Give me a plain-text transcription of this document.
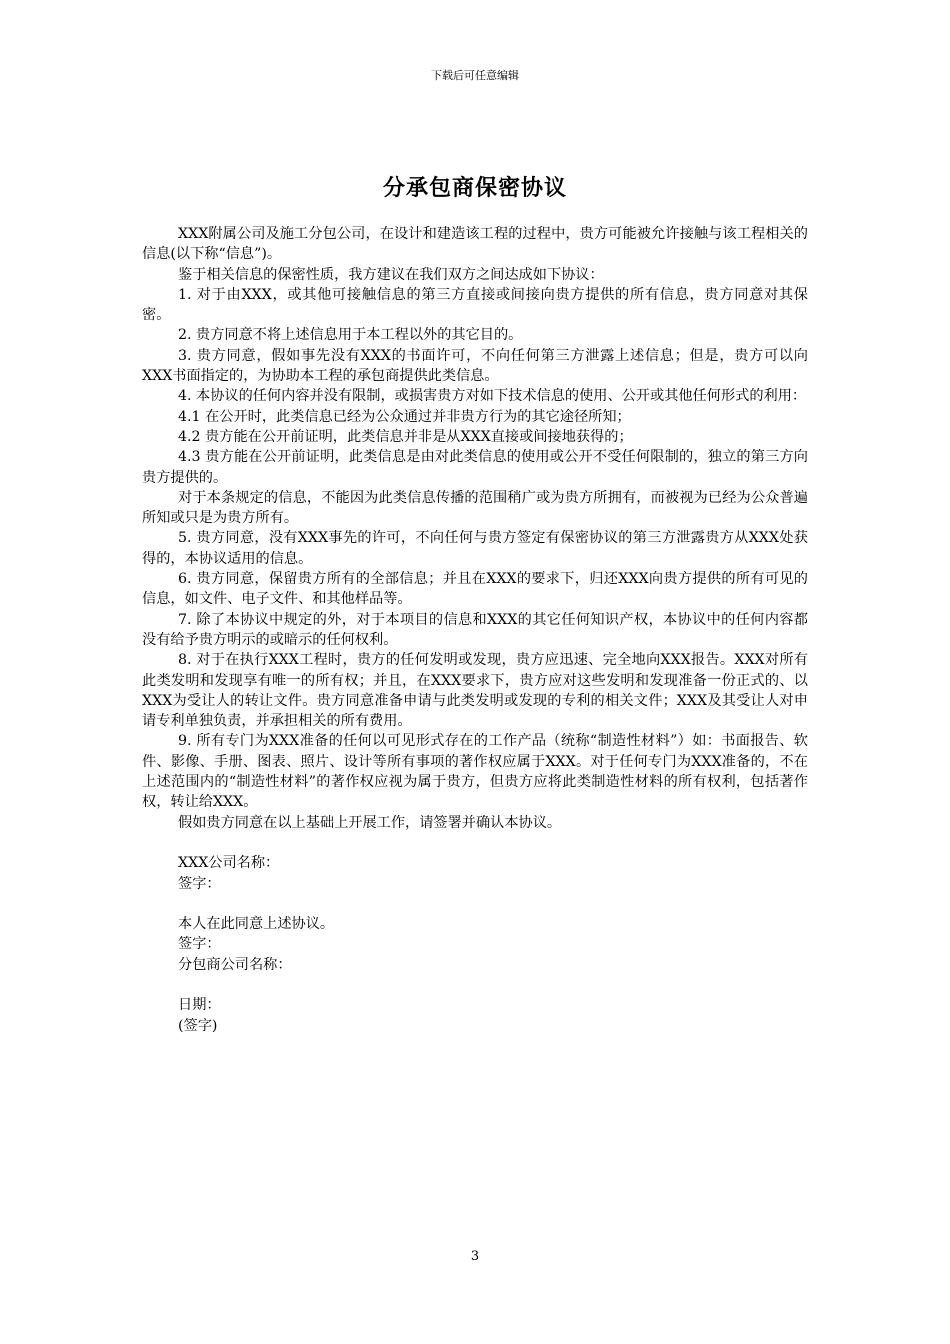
下载后可任意编辑
分承包商保密协议

XXX附属公司及施工分包公司，在设计和建造该工程的过程中，贵方可能被允许接触与该工程相关的信息(以下称“信息”)。

鉴于相关信息的保密性质，我方建议在我们双方之间达成如下协议：

1. 对于由XXX，或其他可接触信息的第三方直接或间接向贵方提供的所有信息，贵方同意对其保密。

2. 贵方同意不将上述信息用于本工程以外的其它目的。

3. 贵方同意，假如事先没有XXX的书面许可，不向任何第三方泄露上述信息；但是，贵方可以向XXX书面指定的，为协助本工程的承包商提供此类信息。

4. 本协议的任何内容并没有限制，或损害贵方对如下技术信息的使用、公开或其他任何形式的利用：

4.1 在公开时，此类信息已经为公众通过并非贵方行为的其它途径所知；

4.2 贵方能在公开前证明，此类信息并非是从XXX直接或间接地获得的；

4.3 贵方能在公开前证明，此类信息是由对此类信息的使用或公开不受任何限制的，独立的第三方向贵方提供的。

对于本条规定的信息，不能因为此类信息传播的范围稍广或为贵方所拥有，而被视为已经为公众普遍所知或只是为贵方所有。

5. 贵方同意，没有XXX事先的许可，不向任何与贵方签定有保密协议的第三方泄露贵方从XXX处获得的，本协议适用的信息。

6. 贵方同意，保留贵方所有的全部信息；并且在XXX的要求下，归还XXX向贵方提供的所有可见的信息，如文件、电子文件、和其他样品等。

7. 除了本协议中规定的外，对于本项目的信息和XXX的其它任何知识产权，本协议中的任何内容都没有给予贵方明示的或暗示的任何权利。

8. 对于在执行XXX工程时，贵方的任何发明或发现，贵方应迅速、完全地向XXX报告。XXX对所有此类发明和发现享有唯一的所有权；并且，在XXX要求下，贵方应对这些发明和发现准备一份正式的、以XXX为受让人的转让文件。贵方同意准备申请与此类发明或发现的专利的相关文件；XXX及其受让人对申请专利单独负责，并承担相关的所有费用。

9. 所有专门为XXX准备的任何以可见形式存在的工作产品（统称“制造性材料”）如：书面报告、软件、影像、手册、图表、照片、设计等所有事项的著作权应属于XXX。对于任何专门为XXX准备的，不在上述范围内的“制造性材料”的著作权应视为属于贵方，但贵方应将此类制造性材料的所有权利，包括著作权，转让给XXX。

假如贵方同意在以上基础上开展工作，请签署并确认本协议。

XXX公司名称：

签字：

本人在此同意上述协议。

签字：

分包商公司名称：

日期：

(签字)

3
